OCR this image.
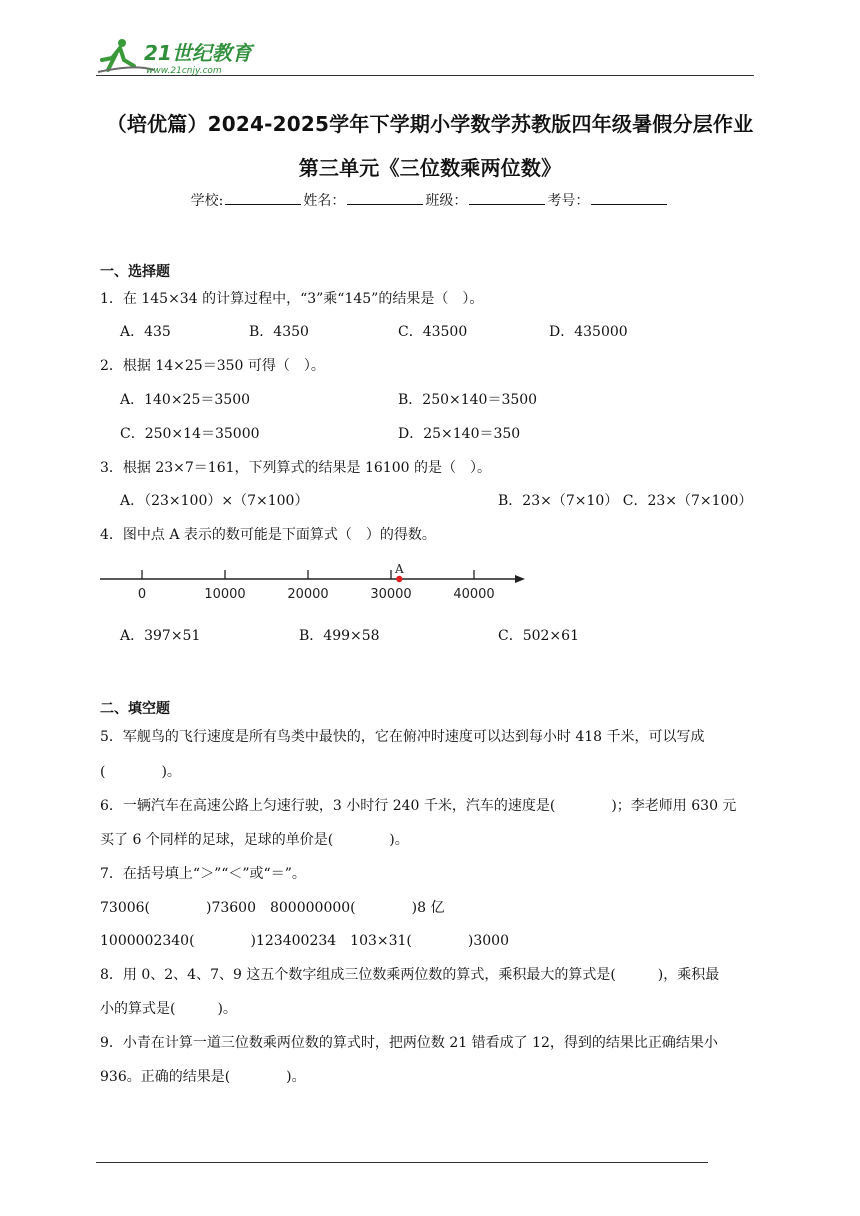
21世纪教育
www.21cnjy.com
（培优篇）2024-2025学年下学期小学数学苏教版四年级暑假分层作业
第三单元《三位数乘两位数》
学校:	姓名：	班级：	考号：
一、选择题
1．在 145×34 的计算过程中，“3”乘“145”的结果是（　）。
A．435	B．4350	C．43500	D．435000
2．根据 14×25＝350 可得（　）。
A．140×25＝3500	B．250×140＝3500
C．250×14＝35000	D．25×140＝350
3．根据 23×7＝161，下列算式的结果是 16100 的是（　）。
A．（23×100）×（7×100）	B．23×（7×10） C．23×（7×100）
4．图中点 A 表示的数可能是下面算式（　）的得数。
0	10000	20000	30000	40000
A
A．397×51	B．499×58	C．502×61
二、填空题
5．军舰鸟的飞行速度是所有鸟类中最快的，它在俯冲时速度可以达到每小时 418 千米，可以写成
(　　　　)。
6．一辆汽车在高速公路上匀速行驶，3 小时行 240 千米，汽车的速度是(　　　　)；李老师用 630 元
买了 6 个同样的足球，足球的单价是(　　　　)。
7．在括号填上“＞”“＜”或“＝”。
73006(　　　　)73600　800000000(　　　　)8 亿
1000002340(　　　　)123400234　103×31(　　　　)3000
8．用 0、2、4、7、9 这五个数字组成三位数乘两位数的算式，乘积最大的算式是(　　　)，乘积最
小的算式是(　　　)。
9．小青在计算一道三位数乘两位数的算式时，把两位数 21 错看成了 12，得到的结果比正确结果小
936。正确的结果是(　　　　)。
